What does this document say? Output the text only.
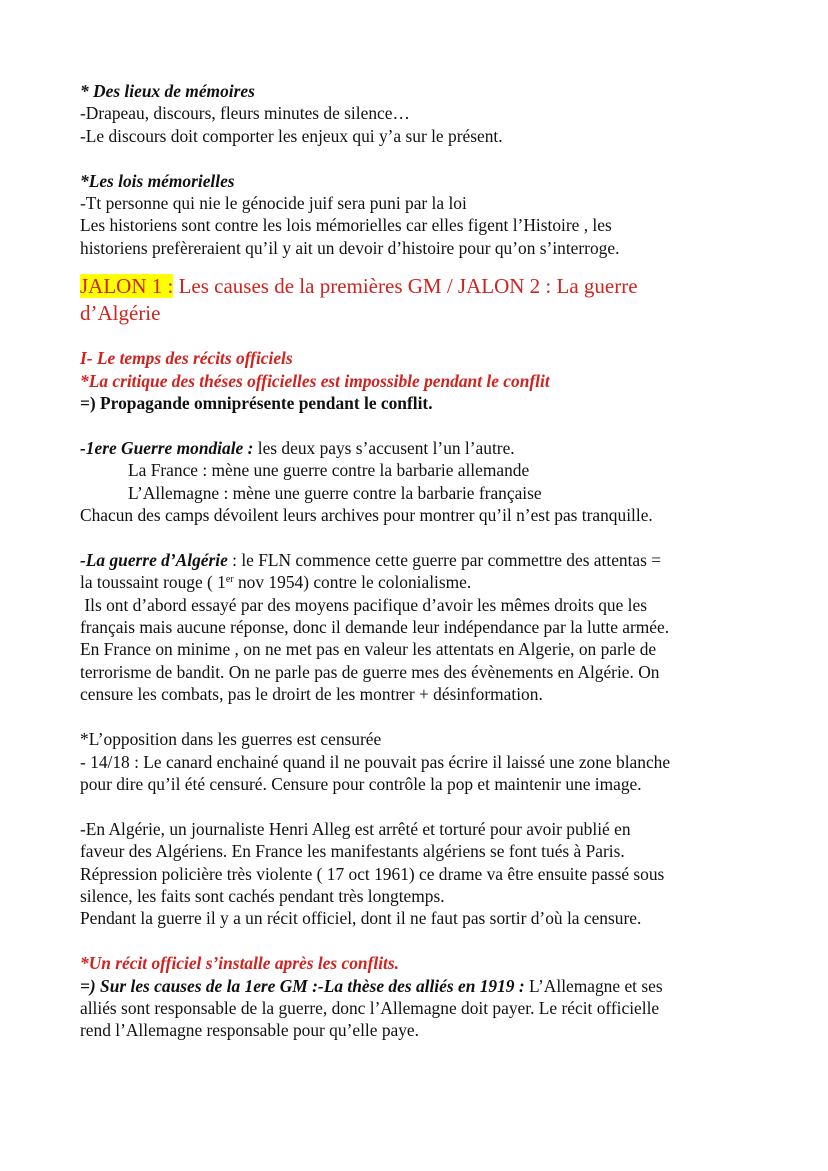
* Des lieux de mémoires

-Drapeau, discours, fleurs minutes de silence…

-Le discours doit comporter les enjeux qui y’a sur le présent.

*Les lois mémorielles

-Tt personne qui nie le génocide juif sera puni par la loi

Les historiens sont contre les lois mémorielles car elles figent l’Histoire , les

historiens prefèreraient qu’il y ait un devoir d’histoire pour qu’on s’interroge.

JALON 1 : Les causes de la premières GM / JALON 2 : La guerre

d’Algérie

I- Le temps des récits officiels

*La critique des théses officielles est impossible pendant le conflit

=) Propagande omniprésente pendant le conflit.

-1ere Guerre mondiale : les deux pays s’accusent l’un l’autre.

La France : mène une guerre contre la barbarie allemande

L’Allemagne : mène une guerre contre la barbarie française

Chacun des camps dévoilent leurs archives pour montrer qu’il n’est pas tranquille.

-La guerre d’Algérie : le FLN commence cette guerre par commettre des attentas =

la toussaint rouge ( 1er nov 1954) contre le colonialisme.

Ils ont d’abord essayé par des moyens pacifique d’avoir les mêmes droits que les

français mais aucune réponse, donc il demande leur indépendance par la lutte armée.

En France on minime , on ne met pas en valeur les attentats en Algerie, on parle de

terrorisme de bandit. On ne parle pas de guerre mes des évènements en Algérie. On

censure les combats, pas le droirt de les montrer + désinformation.

*L’opposition dans les guerres est censurée

- 14/18 : Le canard enchainé quand il ne pouvait pas écrire il laissé une zone blanche

pour dire qu’il été censuré. Censure pour contrôle la pop et maintenir une image.

-En Algérie, un journaliste Henri Alleg est arrêté et torturé pour avoir publié en

faveur des Algériens. En France les manifestants algériens se font tués à Paris.

Répression policière très violente ( 17 oct 1961) ce drame va être ensuite passé sous

silence, les faits sont cachés pendant très longtemps.

Pendant la guerre il y a un récit officiel, dont il ne faut pas sortir d’où la censure.

*Un récit officiel s’installe après les conflits.

=) Sur les causes de la 1ere GM :-La thèse des alliés en 1919 : L’Allemagne et ses

alliés sont responsable de la guerre, donc l’Allemagne doit payer. Le récit officielle

rend l’Allemagne responsable pour qu’elle paye.
